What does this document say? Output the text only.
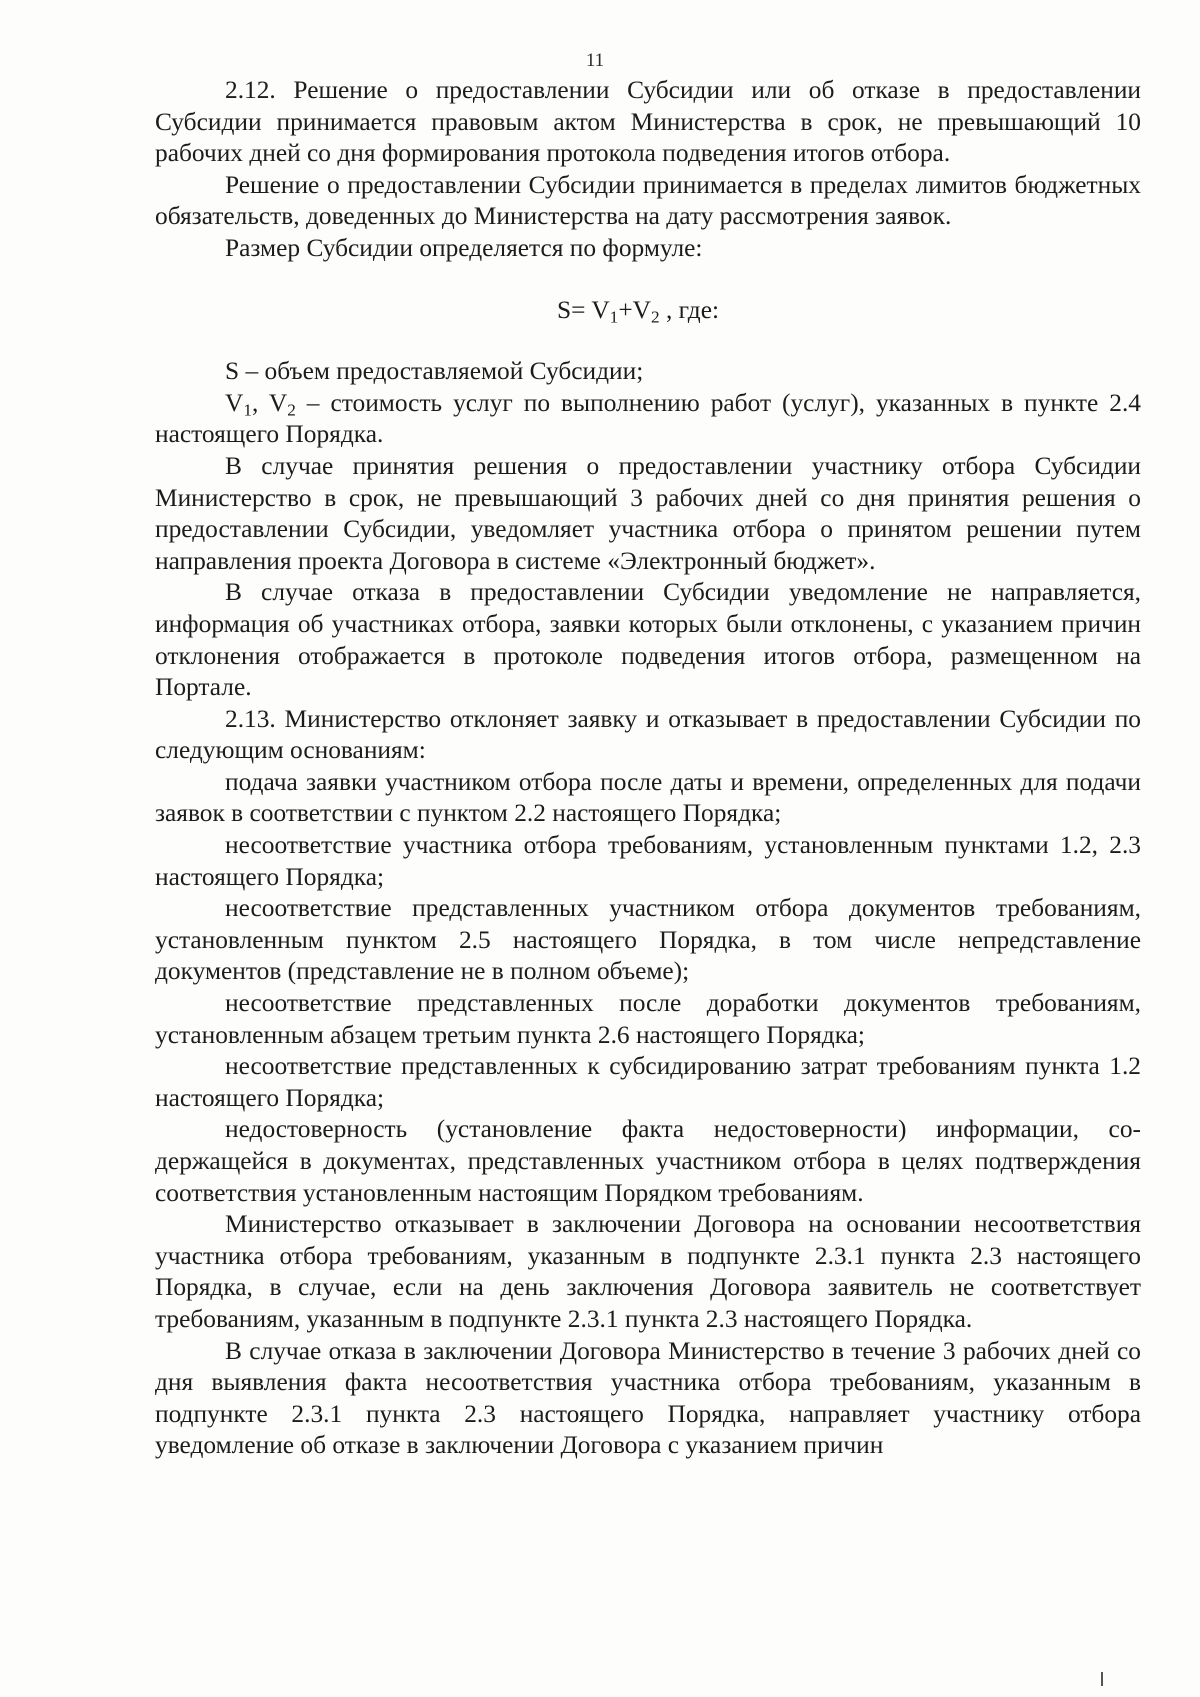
11

2.12. Решение о предоставлении Субсидии или об отказе в предоставлении Субсидии принимается правовым актом Министерства в срок, не превышающий 10 рабочих дней со дня формирования протокола подведения итогов отбора.

Решение о предоставлении Субсидии принимается в пределах лимитов бюджетных обязательств, доведенных до Министерства на дату рассмотрения заявок.

Размер Субсидии определяется по формуле:

$S= V_1+V_2$ , где:

S – объем предоставляемой Субсидии;

$V_1$, $V_2$ – стоимость услуг по выполнению работ (услуг), указанных в пункте 2.4 настоящего Порядка.

В случае принятия решения о предоставлении участнику отбора Субсидии Министерство в срок, не превышающий 3 рабочих дней со дня принятия решения о предоставлении Субсидии, уведомляет участника отбора о принятом решении путем направления проекта Договора в системе «Электронный бюджет».

В случае отказа в предоставлении Субсидии уведомление не направляется, информация об участниках отбора, заявки которых были отклонены, с указанием причин отклонения отображается в протоколе подведения итогов отбора, размещенном на Портале.

2.13. Министерство отклоняет заявку и отказывает в предоставлении Субсидии по следующим основаниям:

подача заявки участником отбора после даты и времени, определенных для подачи заявок в соответствии с пунктом 2.2 настоящего Порядка;

несоответствие участника отбора требованиям, установленным пунктами 1.2, 2.3 настоящего Порядка;

несоответствие представленных участником отбора документов требованиям, установленным пунктом 2.5 настоящего Порядка, в том числе непредставление документов (представление не в полном объеме);

несоответствие представленных после доработки документов требованиям, установленным абзацем третьим пункта 2.6 настоящего Порядка;

несоответствие представленных к субсидированию затрат требованиям пункта 1.2 настоящего Порядка;

недостоверность (установление факта недостоверности) информации, содержащейся в документах, представленных участником отбора в целях подтверждения соответствия установленным настоящим Порядком требованиям.

Министерство отказывает в заключении Договора на основании несоответствия участника отбора требованиям, указанным в подпункте 2.3.1 пункта 2.3 настоящего Порядка, в случае, если на день заключения Договора заявитель не соответствует требованиям, указанным в подпункте 2.3.1 пункта 2.3 настоящего Порядка.

В случае отказа в заключении Договора Министерство в течение 3 рабочих дней со дня выявления факта несоответствия участника отбора требованиям, указанным в подпункте 2.3.1 пункта 2.3 настоящего Порядка, направляет участнику отбора уведомление об отказе в заключении Договора с указанием причин
